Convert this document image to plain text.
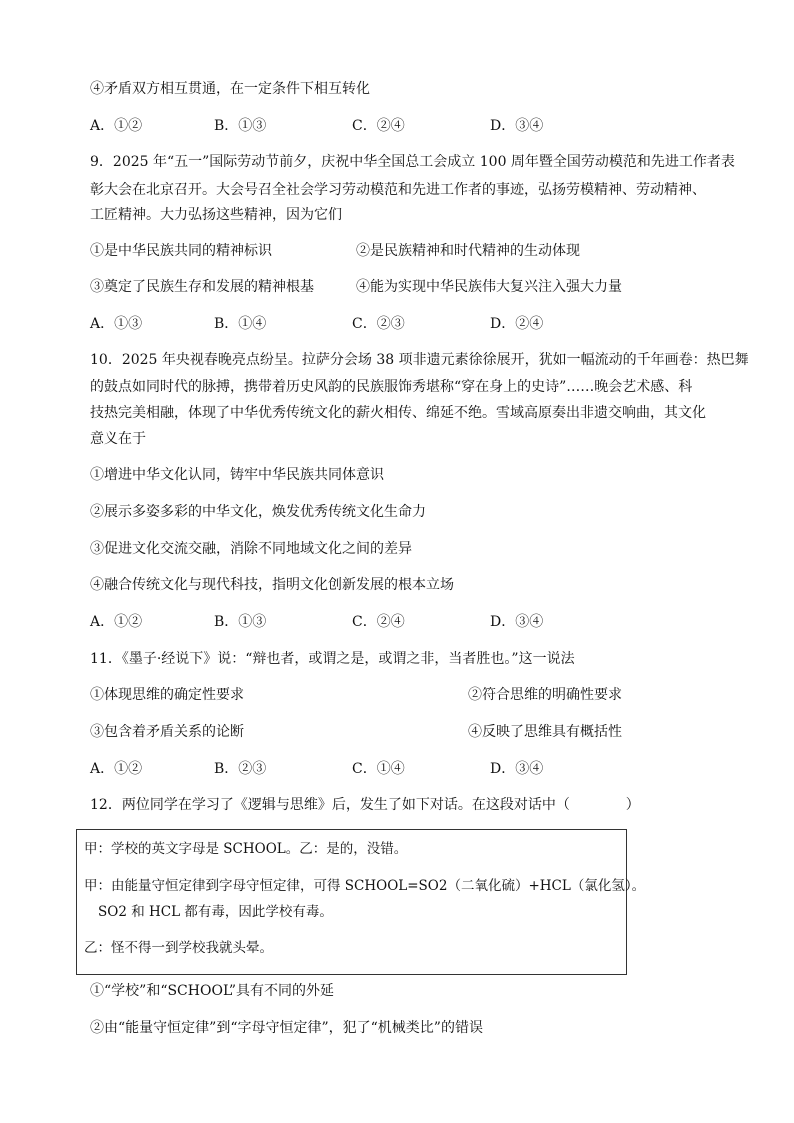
④矛盾双方相互贯通，在一定条件下相互转化
A．①②	B．①③	C．②④	D．③④
9．2025 年“五一”国际劳动节前夕，庆祝中华全国总工会成立 100 周年暨全国劳动模范和先进工作者表
彰大会在北京召开。大会号召全社会学习劳动模范和先进工作者的事迹，弘扬劳模精神、劳动精神、
工匠精神。大力弘扬这些精神，因为它们
①是中华民族共同的精神标识	②是民族精神和时代精神的生动体现
③奠定了民族生存和发展的精神根基	④能为实现中华民族伟大复兴注入强大力量
A．①③	B．①④	C．②③	D．②④
10．2025 年央视春晚亮点纷呈。拉萨分会场 38 项非遗元素徐徐展开，犹如一幅流动的千年画卷：热巴舞
的鼓点如同时代的脉搏，携带着历史风韵的民族服饰秀堪称“穿在身上的史诗”……晚会艺术感、科
技热完美相融，体现了中华优秀传统文化的薪火相传、绵延不绝。雪域高原奏出非遗交响曲，其文化
意义在于
①增进中华文化认同，铸牢中华民族共同体意识
②展示多姿多彩的中华文化，焕发优秀传统文化生命力
③促进文化交流交融，消除不同地域文化之间的差异
④融合传统文化与现代科技，指明文化创新发展的根本立场
A．①②	B．①③	C．②④	D．③④
11．《墨子·经说下》说：“辩也者，或谓之是，或谓之非，当者胜也。”这一说法
①体现思维的确定性要求	②符合思维的明确性要求
③包含着矛盾关系的论断	④反映了思维具有概括性
A．①②	B．②③	C．①④	D．③④
12．两位同学在学习了《逻辑与思维》后，发生了如下对话。在这段对话中（　　　　）
甲：学校的英文字母是 SCHOOL。乙：是的，没错。
甲：由能量守恒定律到字母守恒定律，可得 SCHOOL=SO2（二氧化硫）+HCL（氯化氢）。
SO2 和 HCL 都有毒，因此学校有毒。
乙：怪不得一到学校我就头晕。
①“学校”和“SCHOOL”具有不同的外延
②由“能量守恒定律”到“字母守恒定律”，犯了“机械类比”的错误
